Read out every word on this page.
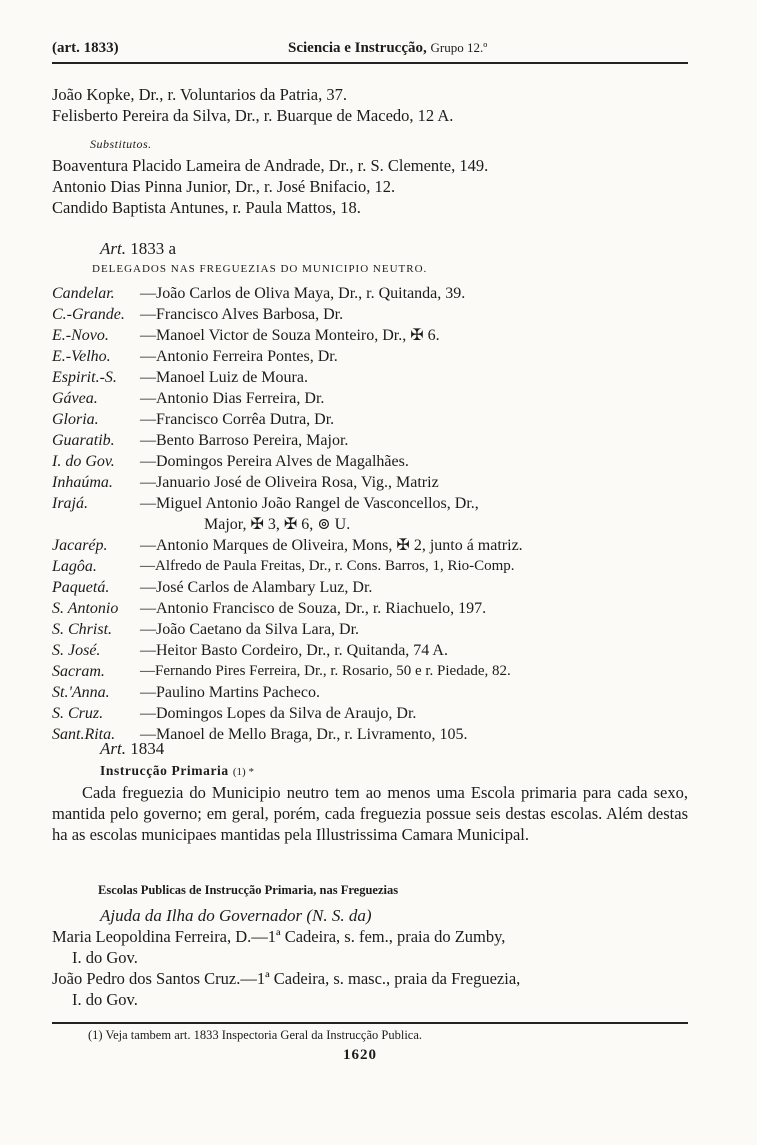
(art. 1833)	Sciencia e Instrucção, Grupo 12.º
João Kopke, Dr., r. Voluntarios da Patria, 37.
Felisberto Pereira da Silva, Dr., r. Buarque de Macedo, 12 A.
Substitutos.
Boaventura Placido Lameira de Andrade, Dr., r. S. Clemente, 149.
Antonio Dias Pinna Junior, Dr., r. José Bnifacio, 12.
Candido Baptista Antunes, r. Paula Mattos, 18.
Art. 1833 a
DELEGADOS NAS FREGUEZIAS DO MUNICIPIO NEUTRO.
Candelar.	—João Carlos de Oliva Maya, Dr., r. Quitanda, 39.
C.-Grande. —Francisco Alves Barbosa, Dr.
E.-Novo.	—Manoel Victor de Souza Monteiro, Dr., ✠ 6.
E.-Velho.	—Antonio Ferreira Pontes, Dr.
Espirit.-S.	—Manoel Luiz de Moura.
Gávea.	—Antonio Dias Ferreira, Dr.
Gloria.	—Francisco Corrêa Dutra, Dr.
Guaratib.	—Bento Barroso Pereira, Major.
I. do Gov.	—Domingos Pereira Alves de Magalhães.
Inhaúma.	—Januario José de Oliveira Rosa, Vig., Matriz
Irajá.	—Miguel Antonio João Rangel de Vasconcellos, Dr.,
Major, ✠ 3, ✠ 6, ⊚ U.
Jacarép.	—Antonio Marques de Oliveira, Mons, ✠ 2, junto á matriz.
Lagôa.	—Alfredo de Paula Freitas, Dr., r. Cons. Barros, 1, Rio-Comp.
Paquetá.	—José Carlos de Alambary Luz, Dr.
S. Antonio	—Antonio Francisco de Souza, Dr., r. Riachuelo, 197.
S. Christ.	—João Caetano da Silva Lara, Dr.
S. José.	—Heitor Basto Cordeiro, Dr., r. Quitanda, 74 A.
Sacram.	—Fernando Pires Ferreira, Dr., r. Rosario, 50 e r. Piedade, 82.
St.'Anna.	—Paulino Martins Pacheco.
S. Cruz.	—Domingos Lopes da Silva de Araujo, Dr.
Sant.Rita.	—Manoel de Mello Braga, Dr., r. Livramento, 105.
Art. 1834
Instrucção Primaria (1) *
Cada freguezia do Municipio neutro tem ao menos uma Escola primaria para cada sexo, mantida pelo governo; em geral, porém, cada freguezia possue seis destas escolas. Além destas ha as escolas municipaes mantidas pela Illustrissima Camara Municipal.
Escolas Publicas de Instrucção Primaria, nas Freguezias
Ajuda da Ilha do Governador (N. S. da)
Maria Leopoldina Ferreira, D.—1ª Cadeira, s. fem., praia do Zumby,
I. do Gov.
João Pedro dos Santos Cruz.—1ª Cadeira, s. masc., praia da Freguezia,
I. do Gov.
(1) Veja tambem art. 1833 Inspectoria Geral da Instrucção Publica.
1620
